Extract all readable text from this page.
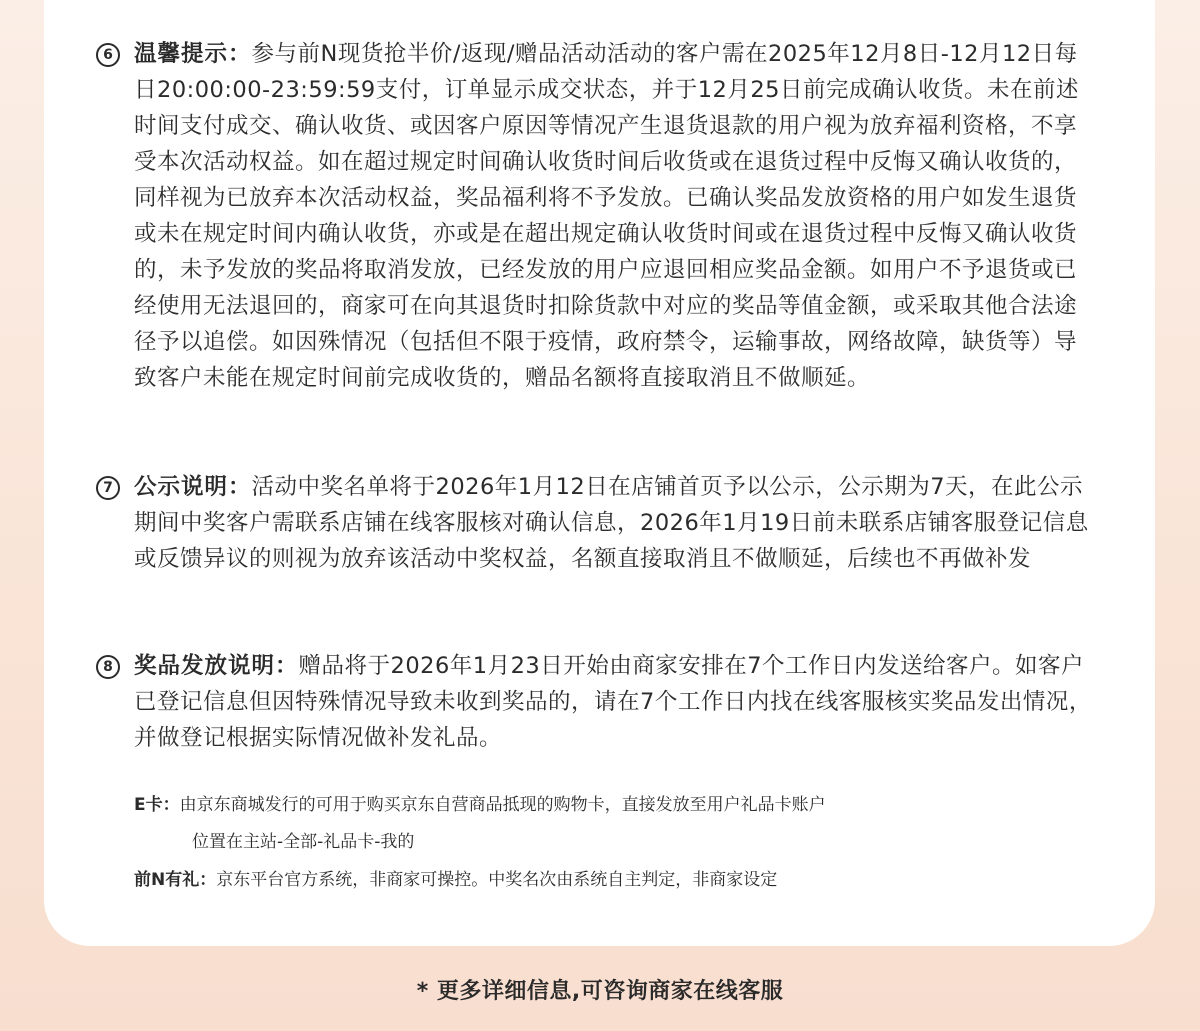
6 温馨提示：参与前N现货抢半价/返现/赠品活动活动的客户需在2025年12月8日-12月12日每日20:00:00-23:59:59支付，订单显示成交状态，并于12月25日前完成确认收货。未在前述时间支付成交、确认收货、或因客户原因等情况产生退货退款的用户视为放弃福利资格，不享受本次活动权益。如在超过规定时间确认收货时间后收货或在退货过程中反悔又确认收货的，同样视为已放弃本次活动权益，奖品福利将不予发放。已确认奖品发放资格的用户如发生退货或未在规定时间内确认收货，亦或是在超出规定确认收货时间或在退货过程中反悔又确认收货的，未予发放的奖品将取消发放，已经发放的用户应退回相应奖品金额。如用户不予退货或已经使用无法退回的，商家可在向其退货时扣除货款中对应的奖品等值金额，或采取其他合法途径予以追偿。如因殊情况（包括但不限于疫情，政府禁令，运输事故，网络故障，缺货等）导致客户未能在规定时间前完成收货的，赠品名额将直接取消且不做顺延。

7 公示说明：活动中奖名单将于2026年1月12日在店铺首页予以公示，公示期为7天，在此公示期间中奖客户需联系店铺在线客服核对确认信息，2026年1月19日前未联系店铺客服登记信息或反馈异议的则视为放弃该活动中奖权益，名额直接取消且不做顺延，后续也不再做补发

8 奖品发放说明：赠品将于2026年1月23日开始由商家安排在7个工作日内发送给客户。如客户已登记信息但因特殊情况导致未收到奖品的，请在7个工作日内找在线客服核实奖品发出情况，并做登记根据实际情况做补发礼品。

E卡：由京东商城发行的可用于购买京东自营商品抵现的购物卡，直接发放至用户礼品卡账户
位置在主站-全部-礼品卡-我的
前N有礼：京东平台官方系统，非商家可操控。中奖名次由系统自主判定，非商家设定
* 更多详细信息,可咨询商家在线客服
